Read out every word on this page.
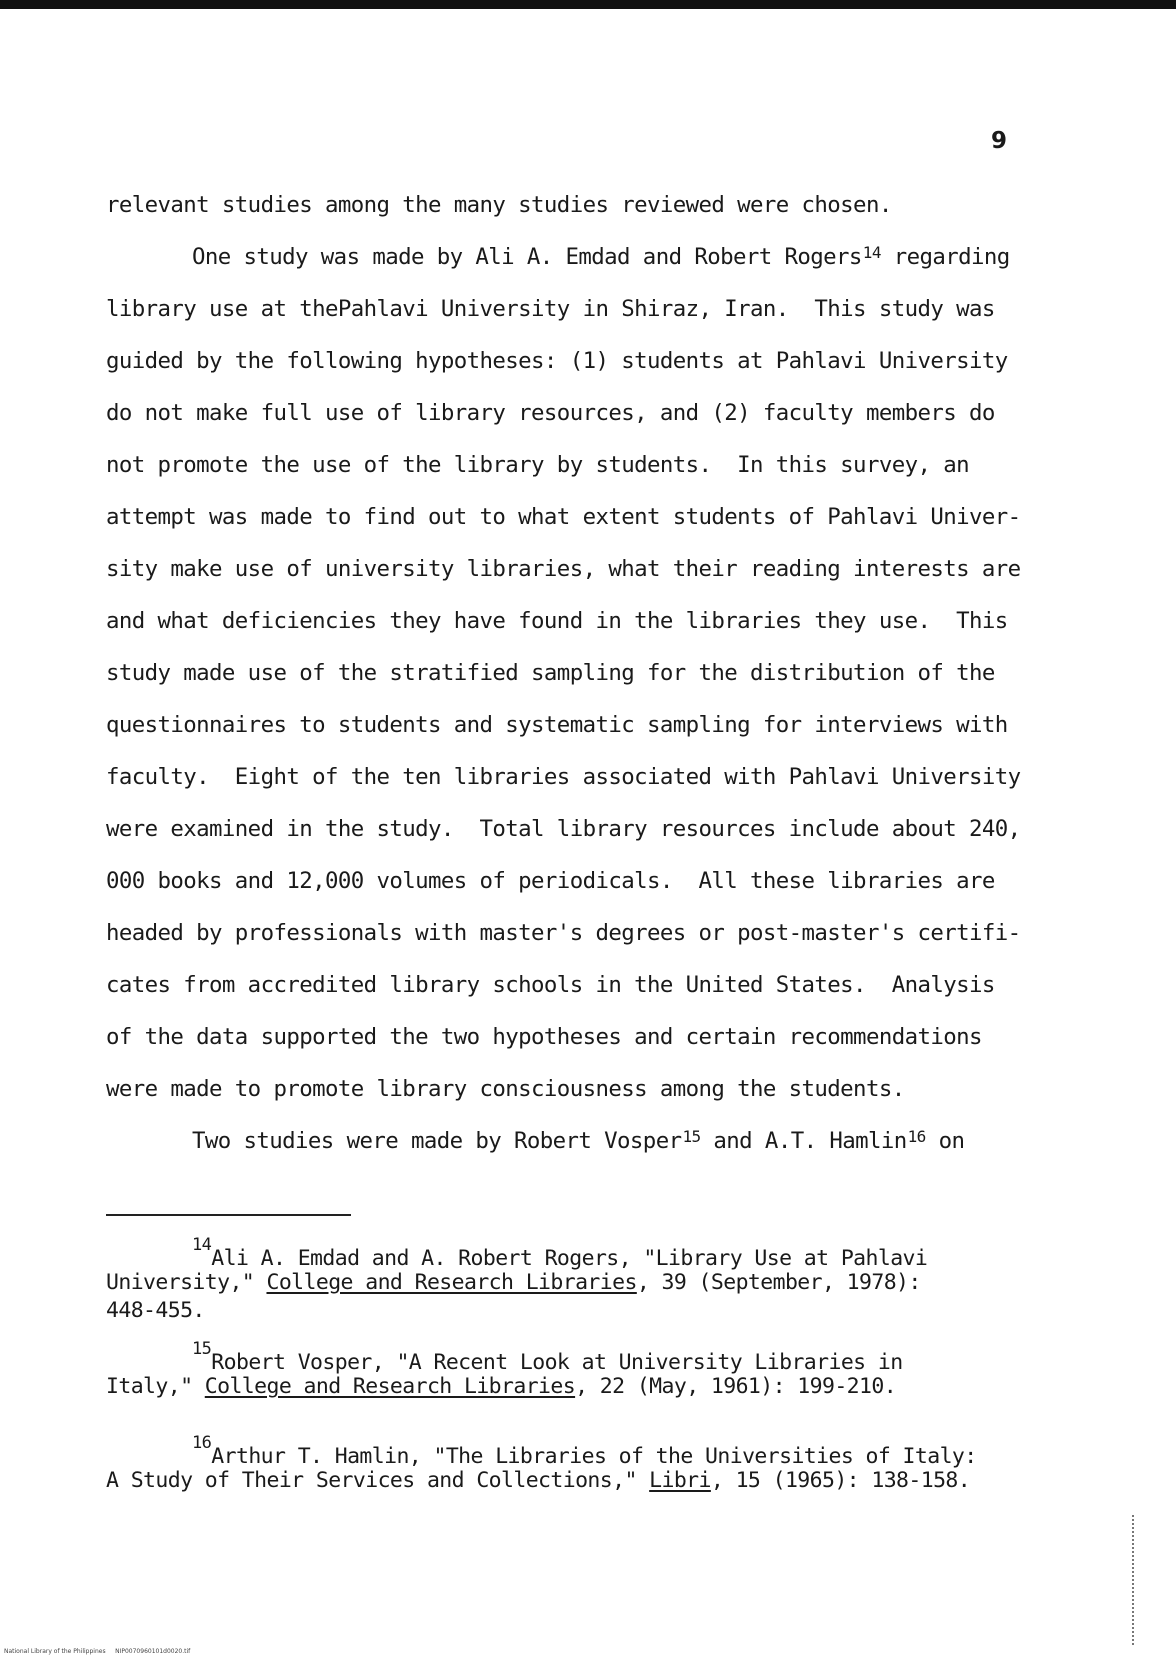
9
relevant studies among the many studies reviewed were chosen.
One study was made by Ali A. Emdad and Robert Rogers$^{14}$ regarding
library use at thePahlavi University in Shiraz, Iran.  This study was
guided by the following hypotheses: (1) students at Pahlavi University
do not make full use of library resources, and (2) faculty members do
not promote the use of the library by students.  In this survey, an
attempt was made to find out to what extent students of Pahlavi Univer-
sity make use of university libraries, what their reading interests are
and what deficiencies they have found in the libraries they use.  This
study made use of the stratified sampling for the distribution of the
questionnaires to students and systematic sampling for interviews with
faculty.  Eight of the ten libraries associated with Pahlavi University
were examined in the study.  Total library resources include about 240,
000 books and 12,000 volumes of periodicals.  All these libraries are
headed by professionals with master's degrees or post-master's certifi-
cates from accredited library schools in the United States.  Analysis
of the data supported the two hypotheses and certain recommendations
were made to promote library consciousness among the students.
Two studies were made by Robert Vosper$^{15}$ and A.T. Hamlin$^{16}$ on
$^{14}$Ali A. Emdad and A. Robert Rogers, "Library Use at Pahlavi
University," College and Research Libraries, 39 (September, 1978):
448-455.
$^{15}$Robert Vosper, "A Recent Look at University Libraries in
Italy," College and Research Libraries, 22 (May, 1961): 199-210.
$^{16}$Arthur T. Hamlin, "The Libraries of the Universities of Italy:
A Study of Their Services and Collections," Libri, 15 (1965): 138-158.
National Library of the Philippines     NIP0070960101d0020.tif
